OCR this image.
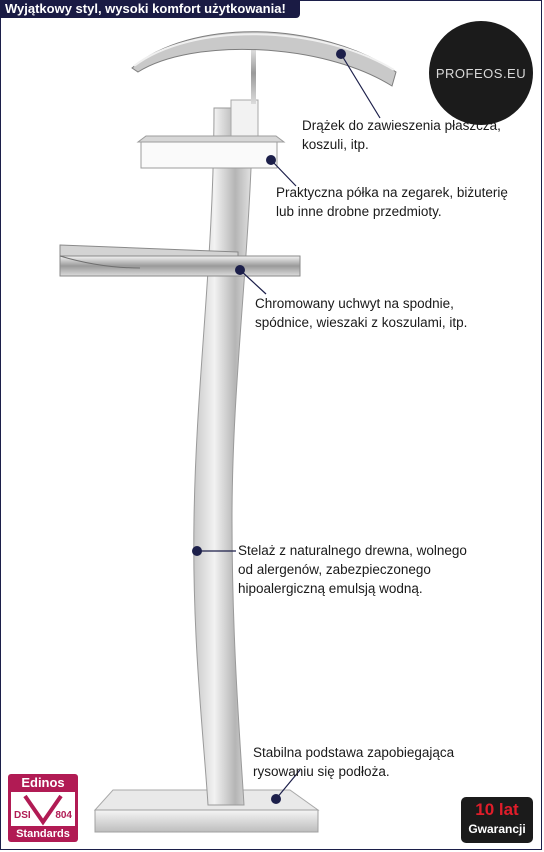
Wyjątkowy styl, wysoki komfort użytkowania!
PROFEOS.EU
Drążek do zawieszenia płaszcza,
koszuli, itp.
Praktyczna półka na zegarek, biżuterię
lub inne drobne przedmioty.
Chromowany uchwyt na spodnie,
spódnice, wieszaki z koszulami, itp.
Stelaż z naturalnego drewna, wolnego
od alergenów, zabezpieczonego
hipoalergiczną emulsją wodną.
Stabilna podstawa zapobiegająca
rysowaniu się podłoża.
Edinos
DSI 804
Standards
10 lat
Gwarancji
